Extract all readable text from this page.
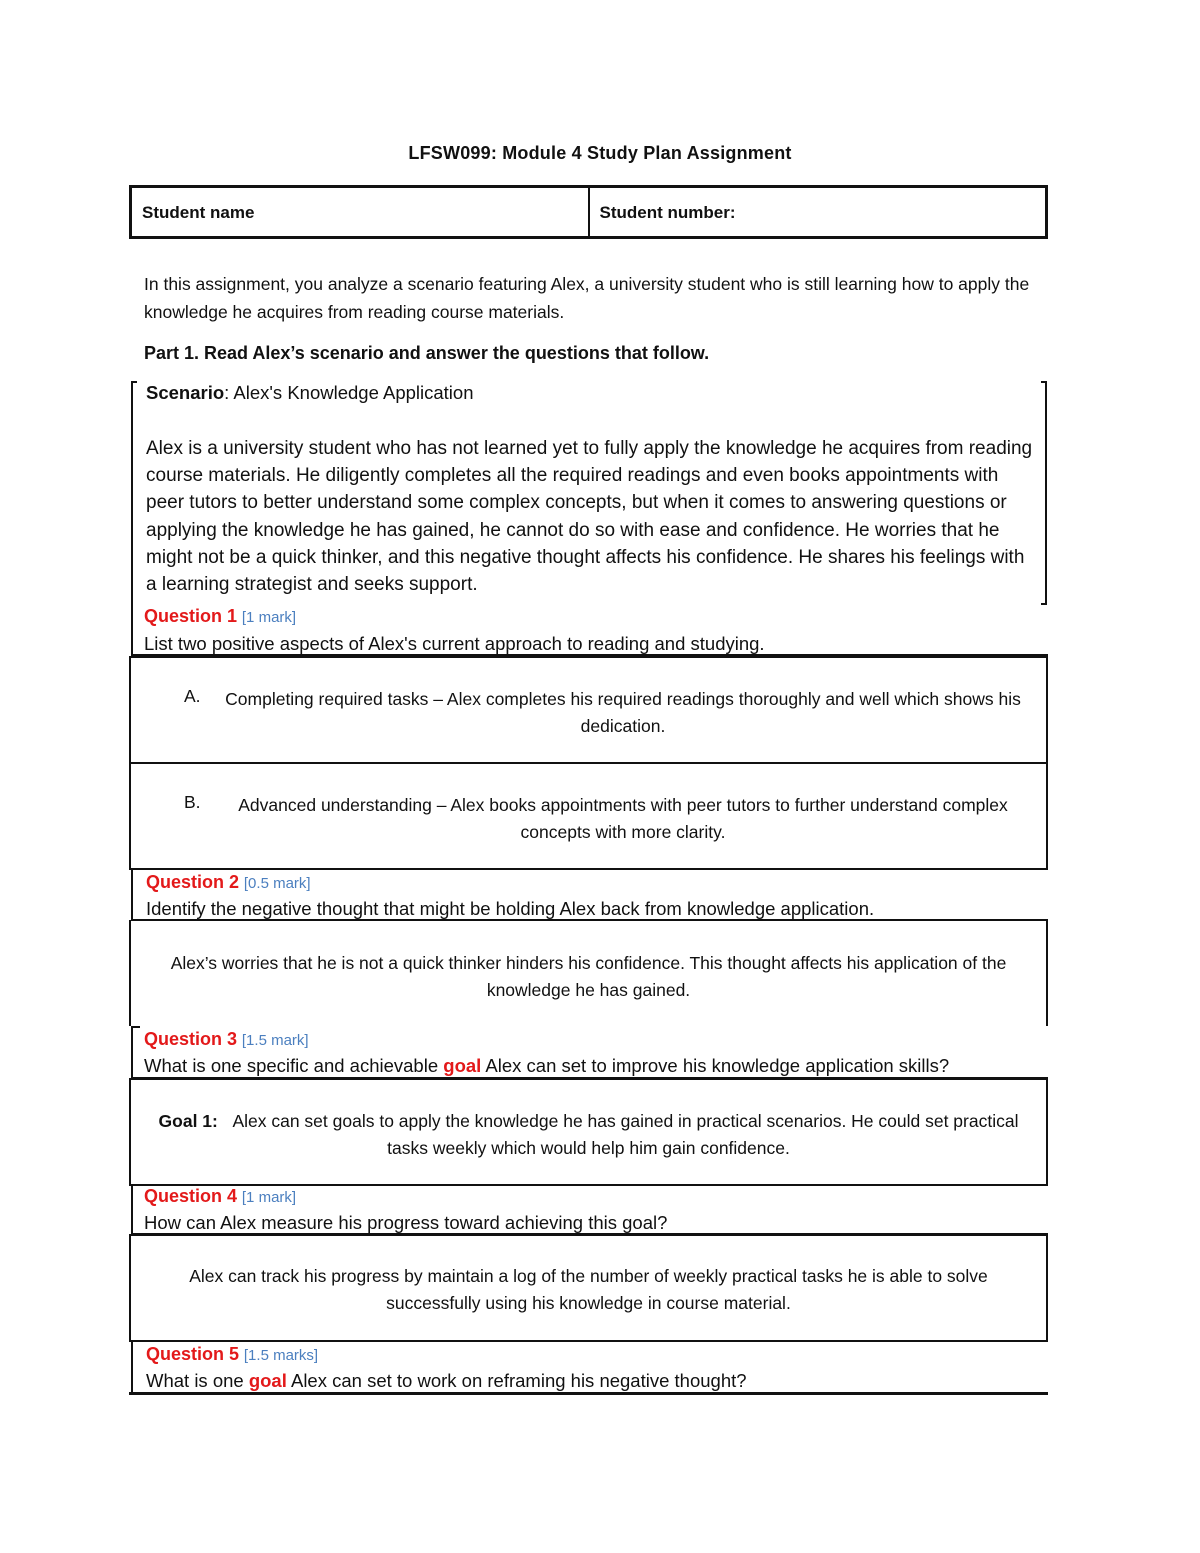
LFSW099: Module 4 Study Plan Assignment
Student name	Student number:
In this assignment, you analyze a scenario featuring Alex, a university student who is still learning how to apply the knowledge he acquires from reading course materials.
Part 1. Read Alex’s scenario and answer the questions that follow.
Scenario: Alex's Knowledge Application
Alex is a university student who has not learned yet to fully apply the knowledge he acquires from reading course materials. He diligently completes all the required readings and even books appointments with peer tutors to better understand some complex concepts, but when it comes to answering questions or applying the knowledge he has gained, he cannot do so with ease and confidence. He worries that he might not be a quick thinker, and this negative thought affects his confidence. He shares his feelings with a learning strategist and seeks support.
Question 1 [1 mark]
List two positive aspects of Alex's current approach to reading and studying.
A.	Completing required tasks – Alex completes his required readings thoroughly and well which shows his dedication.
B.	Advanced understanding – Alex books appointments with peer tutors to further understand complex concepts with more clarity.
Question 2 [0.5 mark]
Identify the negative thought that might be holding Alex back from knowledge application.
Alex’s worries that he is not a quick thinker hinders his confidence. This thought affects his application of the knowledge he has gained.
Question 3 [1.5 mark]
What is one specific and achievable goal Alex can set to improve his knowledge application skills?
Goal 1: Alex can set goals to apply the knowledge he has gained in practical scenarios. He could set practical tasks weekly which would help him gain confidence.
Question 4 [1 mark]
How can Alex measure his progress toward achieving this goal?
Alex can track his progress by maintain a log of the number of weekly practical tasks he is able to solve successfully using his knowledge in course material.
Question 5 [1.5 marks]
What is one goal Alex can set to work on reframing his negative thought?
